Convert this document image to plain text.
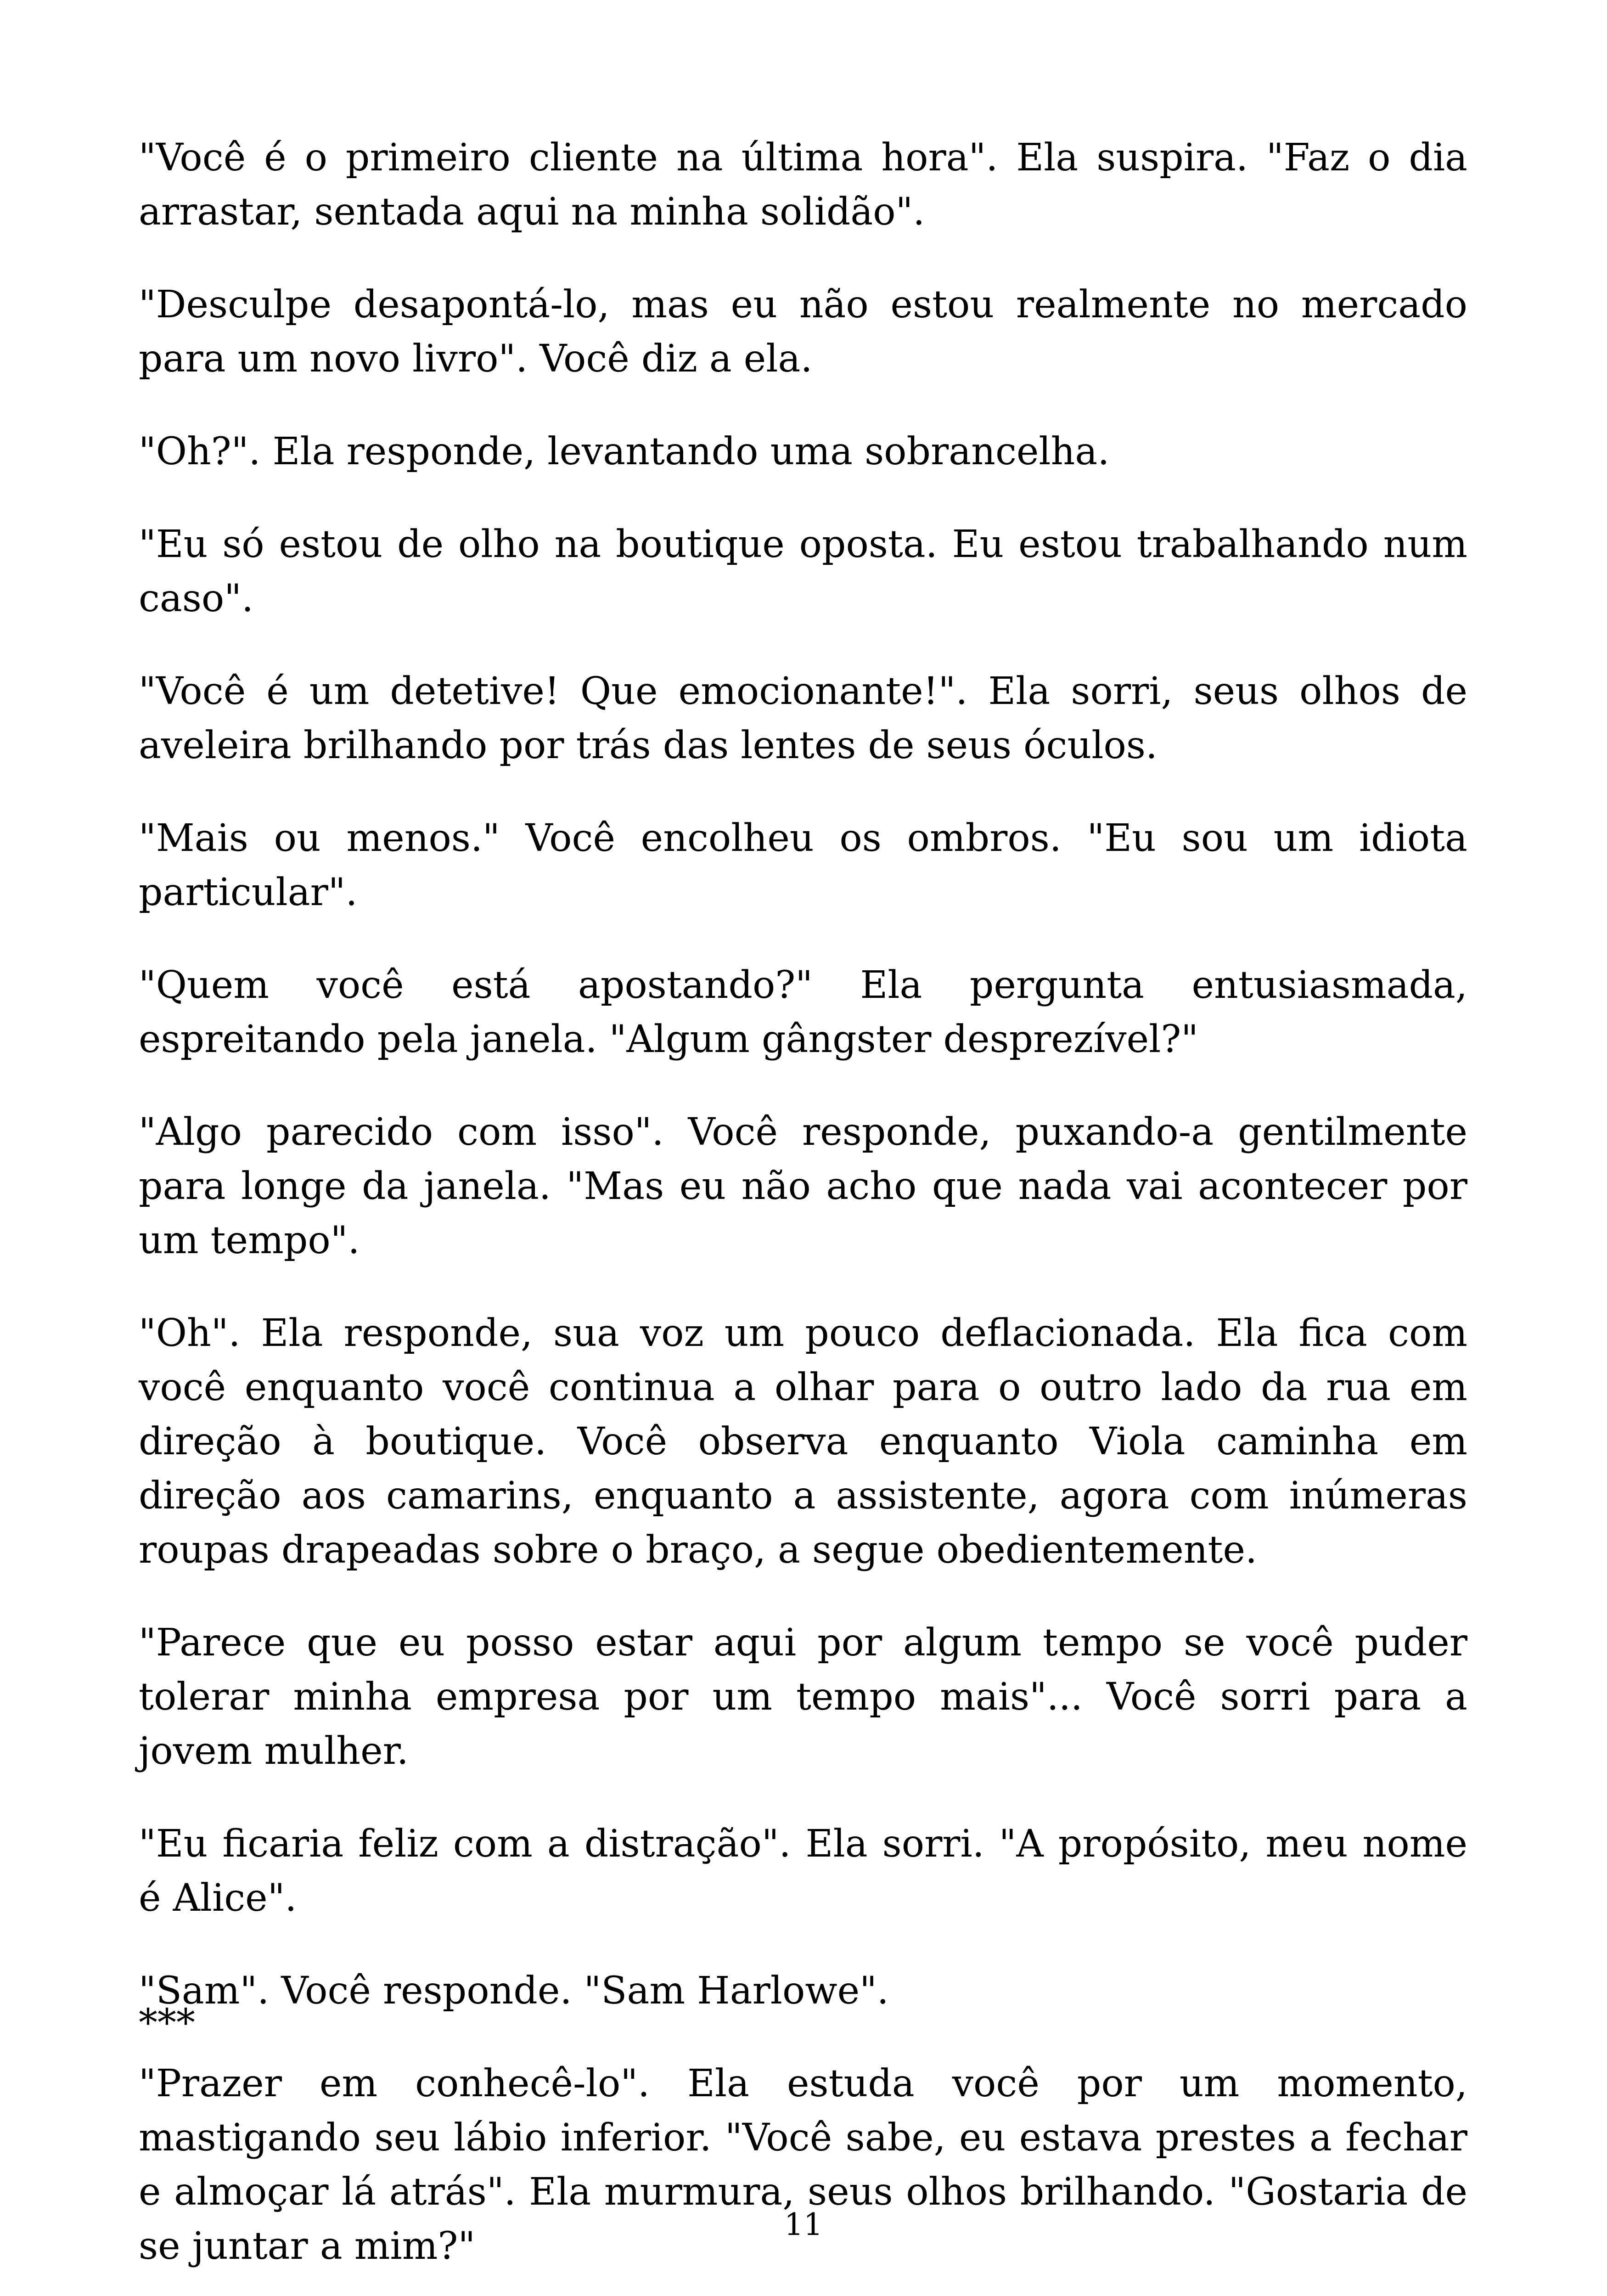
"Você é o primeiro cliente na última hora". Ela suspira. "Faz o dia arrastar, sentada aqui na minha solidão".

"Desculpe desapontá-lo, mas eu não estou realmente no mercado para um novo livro". Você diz a ela.

"Oh?". Ela responde, levantando uma sobrancelha.

"Eu só estou de olho na boutique oposta. Eu estou trabalhando num caso".

"Você é um detetive! Que emocionante!". Ela sorri, seus olhos de aveleira brilhando por trás das lentes de seus óculos.

"Mais ou menos." Você encolheu os ombros. "Eu sou um idiota particular".

"Quem você está apostando?" Ela pergunta entusiasmada, espreitando pela janela. "Algum gângster desprezível?"

"Algo parecido com isso". Você responde, puxando-a gentilmente para longe da janela. "Mas eu não acho que nada vai acontecer por um tempo".

"Oh". Ela responde, sua voz um pouco deflacionada. Ela fica com você enquanto você continua a olhar para o outro lado da rua em direção à boutique. Você observa enquanto Viola caminha em direção aos camarins, enquanto a assistente, agora com inúmeras roupas drapeadas sobre o braço, a segue obedientemente.

"Parece que eu posso estar aqui por algum tempo se você puder tolerar minha empresa por um tempo mais"... Você sorri para a jovem mulher.

"Eu ficaria feliz com a distração". Ela sorri. "A propósito, meu nome é Alice".

"Sam". Você responde. "Sam Harlowe".

"Prazer em conhecê-lo". Ela estuda você por um momento, mastigando seu lábio inferior. "Você sabe, eu estava prestes a fechar e almoçar lá atrás". Ela murmura, seus olhos brilhando. "Gostaria de se juntar a mim?"

***

11
